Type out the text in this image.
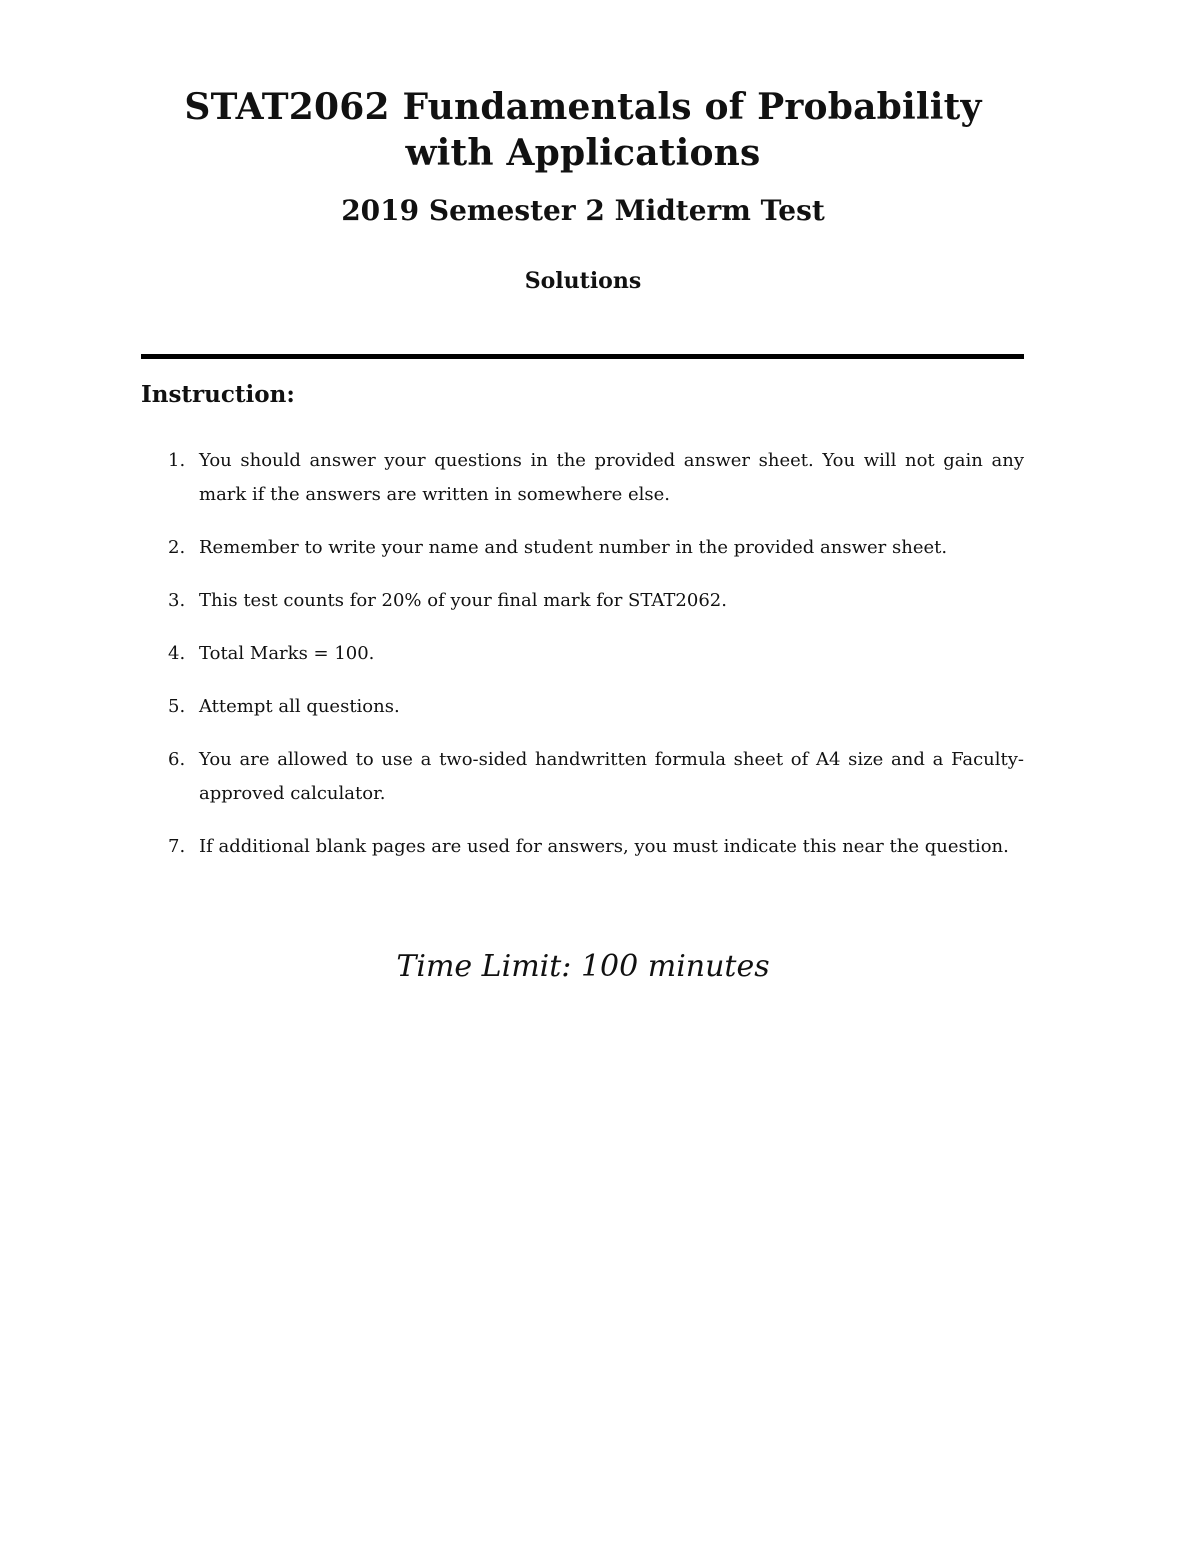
STAT2062 Fundamentals of Probability
with Applications
2019 Semester 2 Midterm Test
Solutions
Instruction:
1. You should answer your questions in the provided answer sheet. You will not gain any mark if the answers are written in somewhere else.
2. Remember to write your name and student number in the provided answer sheet.
3. This test counts for 20% of your final mark for STAT2062.
4. Total Marks = 100.
5. Attempt all questions.
6. You are allowed to use a two-sided handwritten formula sheet of A4 size and a Faculty-approved calculator.
7. If additional blank pages are used for answers, you must indicate this near the question.
Time Limit: 100 minutes
